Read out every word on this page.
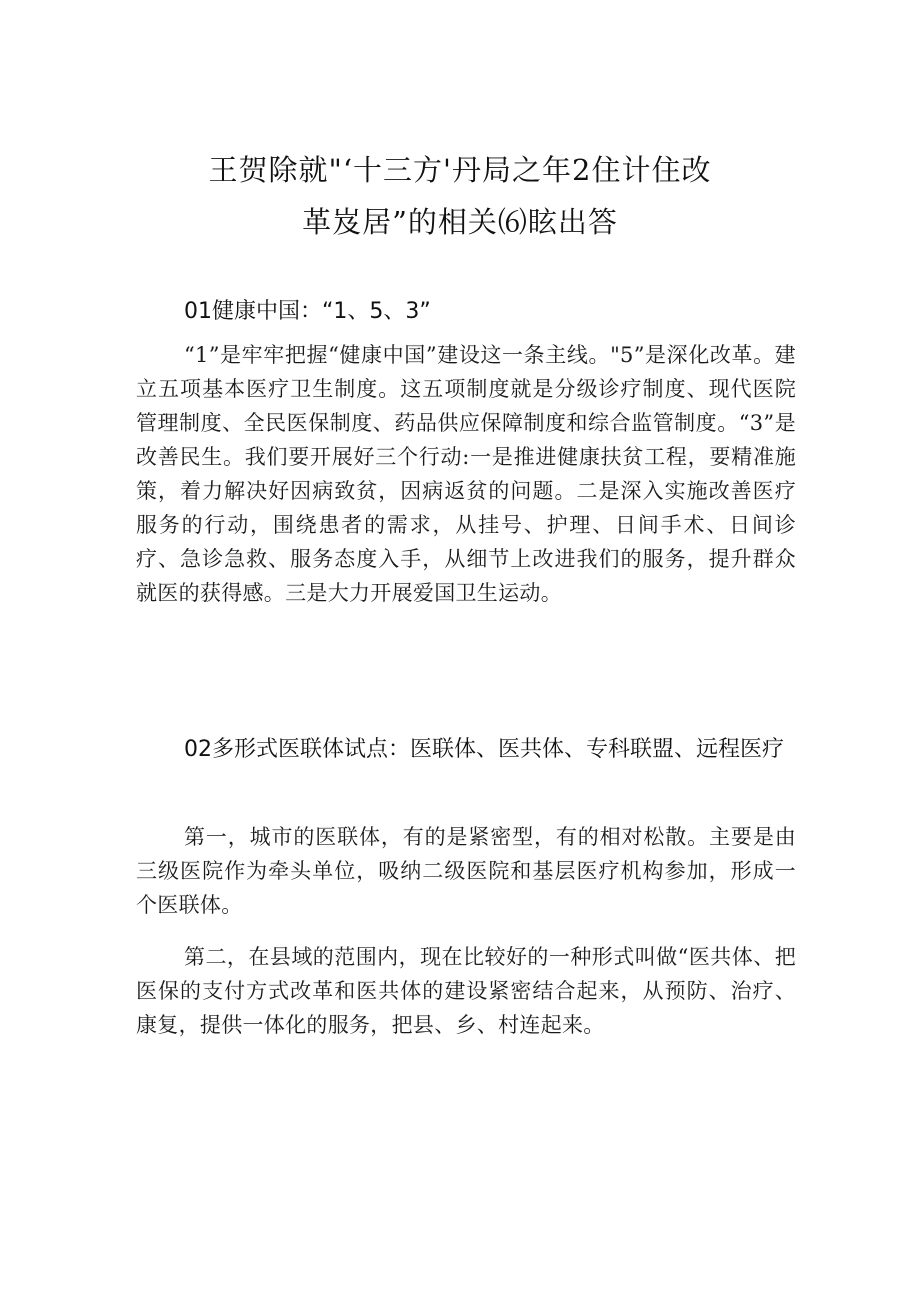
王贺除就"‘十三方'丹局之年2住计住改
革岌居”的相关⑹眩出答

01健康中国：“1、5、3”

“1”是牢牢把握“健康中国”建设这一条主线。"5”是深化改革。建立五项基本医疗卫生制度。这五项制度就是分级诊疗制度、现代医院管理制度、全民医保制度、药品供应保障制度和综合监管制度。“3”是改善民生。我们要开展好三个行动:一是推进健康扶贫工程，要精准施策，着力解决好因病致贫，因病返贫的问题。二是深入实施改善医疗服务的行动，围绕患者的需求，从挂号、护理、日间手术、日间诊疗、急诊急救、服务态度入手，从细节上改进我们的服务，提升群众就医的获得感。三是大力开展爱国卫生运动。

02多形式医联体试点：医联体、医共体、专科联盟、远程医疗

第一，城市的医联体，有的是紧密型，有的相对松散。主要是由三级医院作为牵头单位，吸纳二级医院和基层医疗机构参加，形成一个医联体。

第二，在县域的范围内，现在比较好的一种形式叫做“医共体、把医保的支付方式改革和医共体的建设紧密结合起来，从预防、治疗、康复，提供一体化的服务，把县、乡、村连起来。
